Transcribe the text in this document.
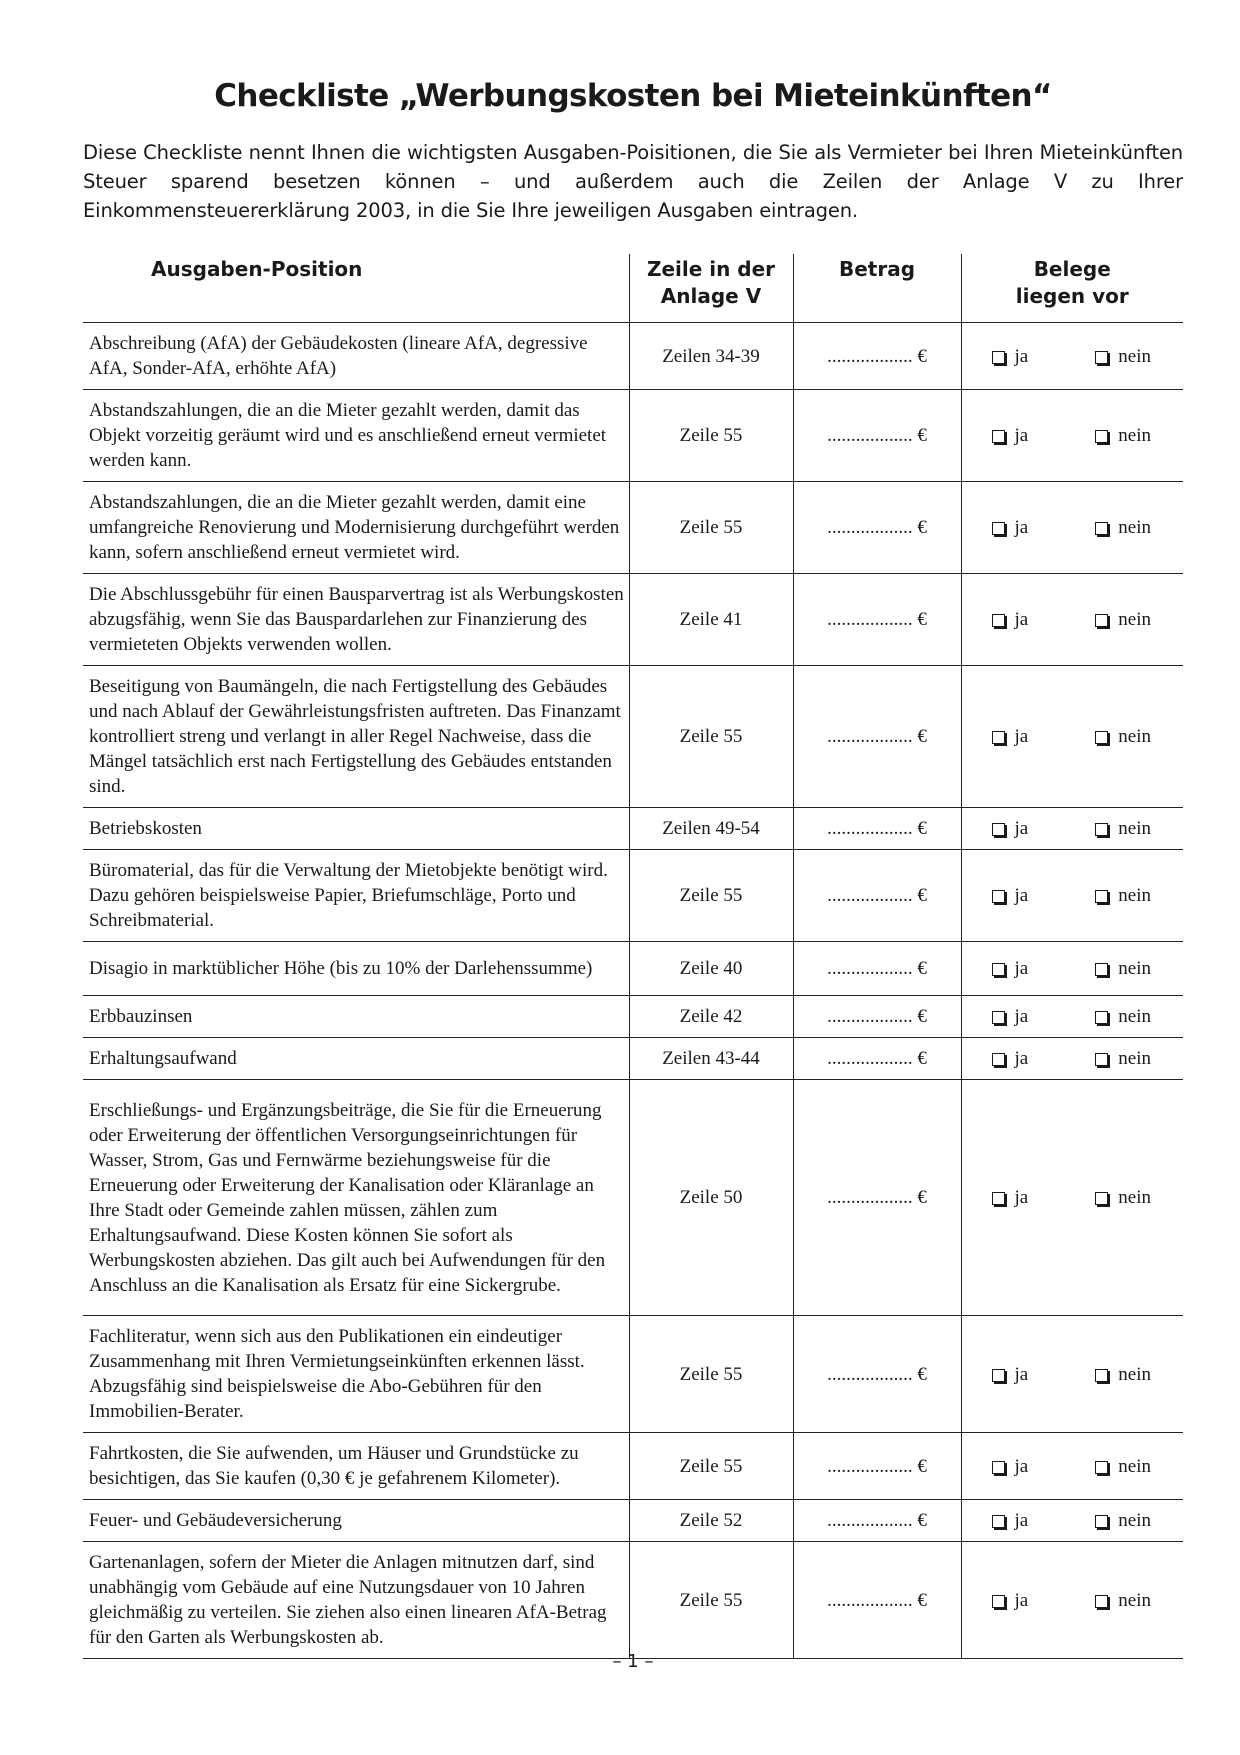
Checkliste „Werbungskosten bei Mieteinkünften“

Diese Checkliste nennt Ihnen die wichtigsten Ausgaben-Poisitionen, die Sie als Vermieter bei Ihren Mieteinkünften Steuer sparend besetzen können – und außerdem auch die Zeilen der Anlage V zu Ihrer Einkommensteuererklärung 2003, in die Sie Ihre jeweiligen Ausgaben eintragen.

Ausgaben-Position	Zeile in der
Anlage V	Betrag	Belege
liegen vor
Abschreibung (AfA) der Gebäudekosten (lineare AfA, degressive AfA, Sonder-AfA, erhöhte AfA)	Zeilen 34-39	.................. €	ja nein

Abstandszahlungen, die an die Mieter gezahlt werden, damit das Objekt vorzeitig geräumt wird und es anschließend erneut vermietet werden kann.	Zeile 55	.................. €	ja nein

Abstandszahlungen, die an die Mieter gezahlt werden, damit eine umfangreiche Renovierung und Modernisierung durchgeführt werden kann, sofern anschließend erneut vermietet wird.	Zeile 55	.................. €	ja nein

Die Abschlussgebühr für einen Bausparvertrag ist als Werbungskosten abzugsfähig, wenn Sie das Bauspardarlehen zur Finanzierung des vermieteten Objekts verwenden wollen.	Zeile 41	.................. €	ja nein

Beseitigung von Baumängeln, die nach Fertigstellung des Gebäudes und nach Ablauf der Gewährleistungsfristen auftreten. Das Finanzamt kontrolliert streng und verlangt in aller Regel Nachweise, dass die Mängel tatsächlich erst nach Fertigstellung des Gebäudes entstanden sind.	Zeile 55	.................. €	ja nein

Betriebskosten	Zeilen 49-54	.................. €	ja nein

Büromaterial, das für die Verwaltung der Mietobjekte benötigt wird. Dazu gehören beispielsweise Papier, Briefumschläge, Porto und Schreibmaterial.	Zeile 55	.................. €	ja nein

Disagio in marktüblicher Höhe (bis zu 10% der Darlehenssumme)	Zeile 40	.................. €	ja nein

Erbbauzinsen	Zeile 42	.................. €	ja nein

Erhaltungsaufwand	Zeilen 43-44	.................. €	ja nein

Erschließungs- und Ergänzungsbeiträge, die Sie für die Erneuerung oder Erweiterung der öffentlichen Versorgungseinrichtungen für Wasser, Strom, Gas und Fernwärme beziehungsweise für die Erneuerung oder Erweiterung der Kanalisation oder Kläranlage an Ihre Stadt oder Gemeinde zahlen müssen, zählen zum Erhaltungsaufwand. Diese Kosten können Sie sofort als Werbungskosten abziehen. Das gilt auch bei Aufwendungen für den Anschluss an die Kanalisation als Ersatz für eine Sickergrube.	Zeile 50	.................. €	ja nein

Fachliteratur, wenn sich aus den Publikationen ein eindeutiger Zusammenhang mit Ihren Vermietungseinkünften erkennen lässt. Abzugsfähig sind beispielsweise die Abo-Gebühren für den Immobilien-Berater.	Zeile 55	.................. €	ja nein

Fahrtkosten, die Sie aufwenden, um Häuser und Grundstücke zu besichtigen, das Sie kaufen (0,30 € je gefahrenem Kilometer).	Zeile 55	.................. €	ja nein

Feuer- und Gebäudeversicherung	Zeile 52	.................. €	ja nein

Gartenanlagen, sofern der Mieter die Anlagen mitnutzen darf, sind unabhängig vom Gebäude auf eine Nutzungsdauer von 10 Jahren gleichmäßig zu verteilen. Sie ziehen also einen linearen AfA-Betrag für den Garten als Werbungskosten ab.	Zeile 55	.................. €	ja nein
– 1 –
